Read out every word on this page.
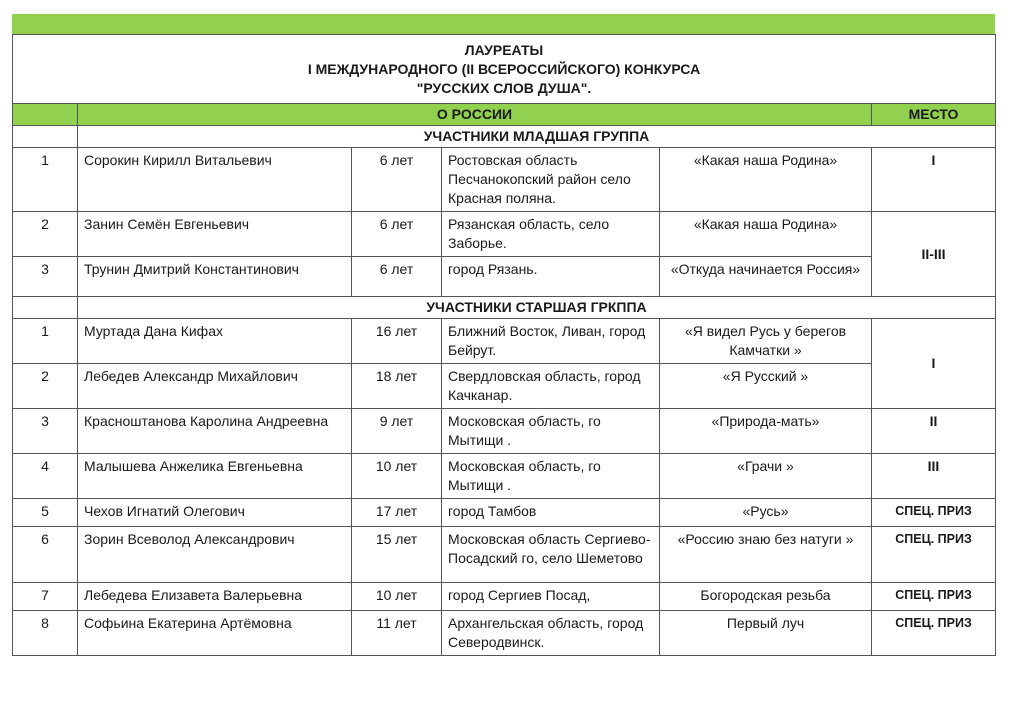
ЛАУРЕАТЫ
I МЕЖДУНАРОДНОГО (II ВСЕРОССИЙСКОГО) КОНКУРСА
"РУССКИХ СЛОВ ДУША".					

	О РОССИИ				МЕСТО
	УЧАСТНИКИ МЛАДШАЯ ГРУППА				
1	Сорокин Кирилл Витальевич	6 лет	Ростовская область Песчанокопский район село Красная поляна.	«Какая наша Родина»	I
2	Занин Семён Евгеньевич	6 лет	Рязанская область, село Заборье.	«Какая наша Родина»	II-III
3	Трунин Дмитрий Константинович	6 лет	город Рязань.	«Откуда начинается Россия»	
	УЧАСТНИКИ СТАРШАЯ ГРКППА				
1	Муртада Дана Кифах	16 лет	Ближний Восток, Ливан, город Бейрут.	«Я видел Русь у берегов Камчатки »	I
2	Лебедев Александр Михайлович	18 лет	Свердловская область, город Качканар.	«Я Русский »	
3	Красноштанова Каролина Андреевна	9 лет	Московская область, го Мытищи .	«Природа-мать»	II
4	Малышева Анжелика Евгеньевна	10 лет	Московская область, го Мытищи .	«Грачи »	III
5	Чехов Игнатий Олегович	17 лет	город Тамбов	«Русь»	СПЕЦ. ПРИЗ
6	Зорин Всеволод Александрович	15 лет	Московская область Сергиево-Посадский го, село Шеметово	«Россию знаю без натуги »	СПЕЦ. ПРИЗ
7	Лебедева Елизавета Валерьевна	10 лет	город Сергиев Посад,	Богородская резьба	СПЕЦ. ПРИЗ
8	Софьина Екатерина Артёмовна	11 лет	Архангельская область, город Северодвинск.	Первый луч	СПЕЦ. ПРИЗ
